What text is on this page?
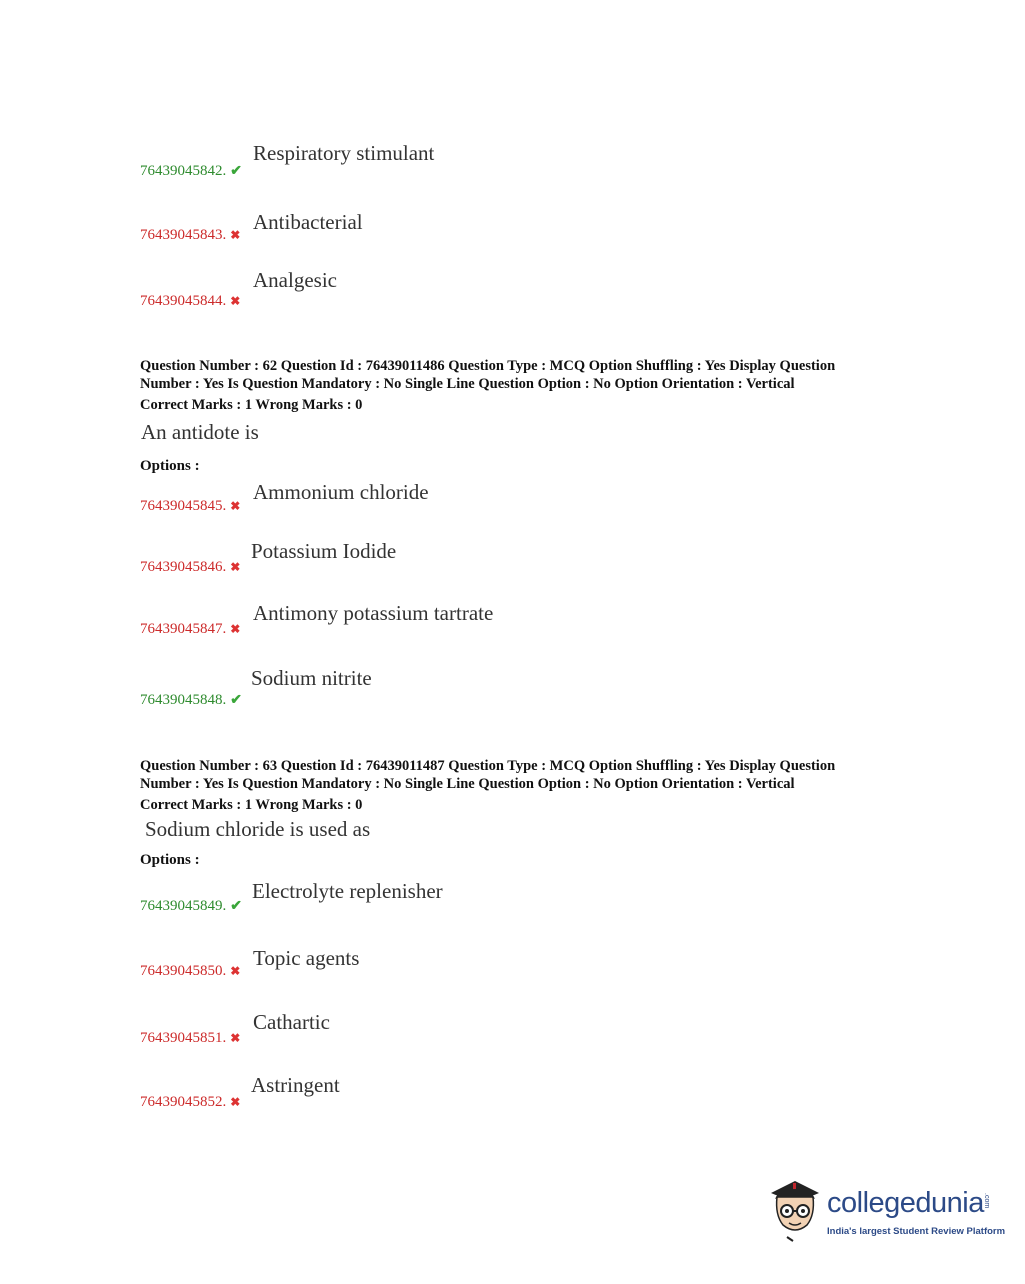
Respiratory stimulant
76439045842. ✔
Antibacterial
76439045843. ✖
Analgesic
76439045844. ✖
Question Number : 62 Question Id : 76439011486 Question Type : MCQ Option Shuffling : Yes Display Question
Number : Yes Is Question Mandatory : No Single Line Question Option : No Option Orientation : Vertical
Correct Marks : 1 Wrong Marks : 0
An antidote is
Options :
Ammonium chloride
76439045845. ✖
Potassium Iodide
76439045846. ✖
Antimony potassium tartrate
76439045847. ✖
Sodium nitrite
76439045848. ✔
Question Number : 63 Question Id : 76439011487 Question Type : MCQ Option Shuffling : Yes Display Question
Number : Yes Is Question Mandatory : No Single Line Question Option : No Option Orientation : Vertical
Correct Marks : 1 Wrong Marks : 0
Sodium chloride is used as
Options :
Electrolyte replenisher
76439045849. ✔
Topic agents
76439045850. ✖
Cathartic
76439045851. ✖
Astringent
76439045852. ✖
collegedunia .com
India's largest Student Review Platform
